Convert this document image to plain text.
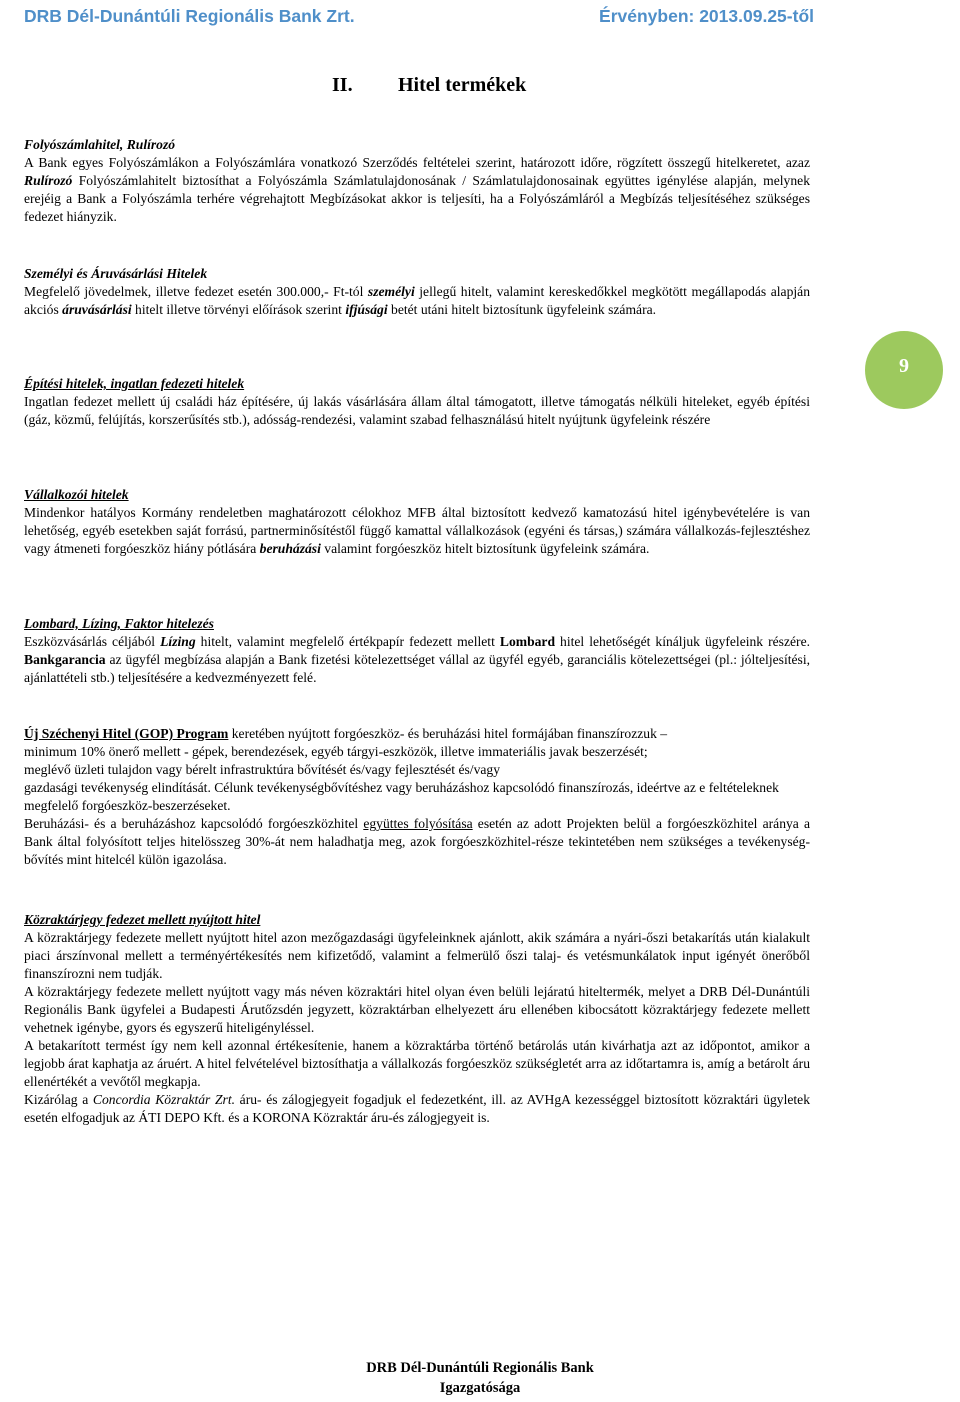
DRB Dél-Dunántúli Regionális Bank Zrt.	Érvényben: 2013.09.25-től
II. Hitel termékek
Folyószámlahitel, Rulírozó

A Bank egyes Folyószámlákon a Folyószámlára vonatkozó Szerződés feltételei szerint, határozott időre, rögzített összegű hitelkeretet, azaz Rulírozó Folyószámlahitelt biztosíthat a Folyószámla Számlatulajdonosának / Számlatulajdonosainak együttes igénylése alapján, melynek erejéig a Bank a Folyószámla terhére végrehajtott Megbízásokat akkor is teljesíti, ha a Folyószámláról a Megbízás teljesítéséhez szükséges fedezet hiányzik.

Személyi és Áruvásárlási Hitelek

Megfelelő jövedelmek, illetve fedezet esetén 300.000,- Ft-tól személyi jellegű hitelt, valamint kereskedőkkel megkötött megállapodás alapján akciós áruvásárlási hitelt illetve törvényi előírások szerint ifjúsági betét utáni hitelt biztosítunk ügyfeleink számára.

9
Építési hitelek, ingatlan fedezeti hitelek

Ingatlan fedezet mellett új családi ház építésére, új lakás vásárlására állam által támogatott, illetve támogatás nélküli hiteleket, egyéb építési (gáz, közmű, felújítás, korszerűsítés stb.), adósság-rendezési, valamint szabad felhasználású hitelt nyújtunk ügyfeleink részére

Vállalkozói hitelek

Mindenkor hatályos Kormány rendeletben maghatározott célokhoz MFB által biztosított kedvező kamatozású hitel igénybevételére is van lehetőség, egyéb esetekben saját forrású, partnerminősítéstől függő kamattal vállalkozások (egyéni és társas,) számára vállalkozás-fejlesztéshez vagy átmeneti forgóeszköz hiány pótlására beruházási valamint forgóeszköz hitelt biztosítunk ügyfeleink számára.

Lombard, Lízing, Faktor hitelezés

Eszközvásárlás céljából Lízing hitelt, valamint megfelelő értékpapír fedezett mellett Lombard hitel lehetőségét kínáljuk ügyfeleink részére. Bankgarancia az ügyfél megbízása alapján a Bank fizetési kötelezettséget vállal az ügyfél egyéb, garanciális kötelezettségei (pl.: jólteljesítési, ajánlattételi stb.) teljesítésére a kedvezményezett felé.

Új Széchenyi Hitel (GOP) Program keretében nyújtott forgóeszköz- és beruházási hitel formájában finanszírozzuk –

minimum 10% önerő mellett - gépek, berendezések, egyéb tárgyi-eszközök, illetve immateriális javak beszerzését;

meglévő üzleti tulajdon vagy bérelt infrastruktúra bővítését és/vagy fejlesztését és/vagy

gazdasági tevékenység elindítását. Célunk tevékenységbővítéshez vagy beruházáshoz kapcsolódó finanszírozás, ideértve az e feltételeknek megfelelő forgóeszköz-beszerzéseket.

Beruházási- és a beruházáshoz kapcsolódó forgóeszközhitel együttes folyósítása esetén az adott Projekten belül a forgóeszközhitel aránya a Bank által folyósított teljes hitelösszeg 30%-át nem haladhatja meg, azok forgóeszközhitel-része tekintetében nem szükséges a tevékenység-bővítés mint hitelcél külön igazolása.

Közraktárjegy fedezet mellett nyújtott hitel

A közraktárjegy fedezete mellett nyújtott hitel azon mezőgazdasági ügyfeleinknek ajánlott, akik számára a nyári-őszi betakarítás után kialakult piaci árszínvonal mellett a terményértékesítés nem kifizetődő, valamint a felmerülő őszi talaj- és vetésmunkálatok input igényét önerőből finanszírozni nem tudják.

A közraktárjegy fedezete mellett nyújtott vagy más néven közraktári hitel olyan éven belüli lejáratú hiteltermék, melyet a DRB Dél-Dunántúli Regionális Bank ügyfelei a Budapesti Árutőzsdén jegyzett, közraktárban elhelyezett áru ellenében kibocsátott közraktárjegy fedezete mellett vehetnek igénybe, gyors és egyszerű hiteligényléssel.

A betakarított termést így nem kell azonnal értékesítenie, hanem a közraktárba történő betárolás után kivárhatja azt az időpontot, amikor a legjobb árat kaphatja az áruért. A hitel felvételével biztosíthatja a vállalkozás forgóeszköz szükségletét arra az időtartamra is, amíg a betárolt áru ellenértékét a vevőtől megkapja.

Kizárólag a Concordia Közraktár Zrt. áru- és zálogjegyeit fogadjuk el fedezetként, ill. az AVHgA kezességgel biztosított közraktári ügyletek esetén elfogadjuk az ÁTI DEPO Kft. és a KORONA Közraktár áru-és zálogjegyeit is.

DRB Dél-Dunántúli Regionális Bank
Igazgatósága
